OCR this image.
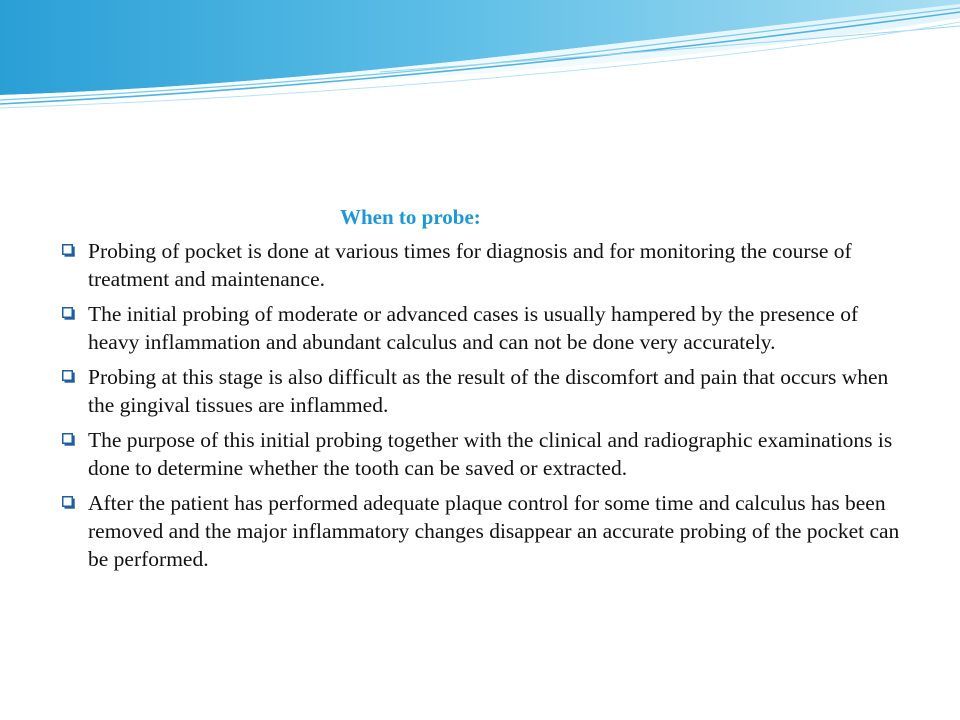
When to probe:
Probing of pocket is done at various times for diagnosis and for monitoring the course of treatment and maintenance.
The initial probing of moderate or advanced cases is usually hampered by the presence of heavy inflammation and abundant calculus and can not be done very accurately.
Probing at this stage is also difficult as the result of the discomfort and pain that occurs when the gingival tissues are inflammed.
The purpose of this initial probing together with the clinical and radiographic examinations is done to determine whether the tooth can be saved or extracted.
After the patient has performed adequate plaque control for some time and calculus has been removed and the major inflammatory changes disappear an accurate probing of the pocket can be performed.
